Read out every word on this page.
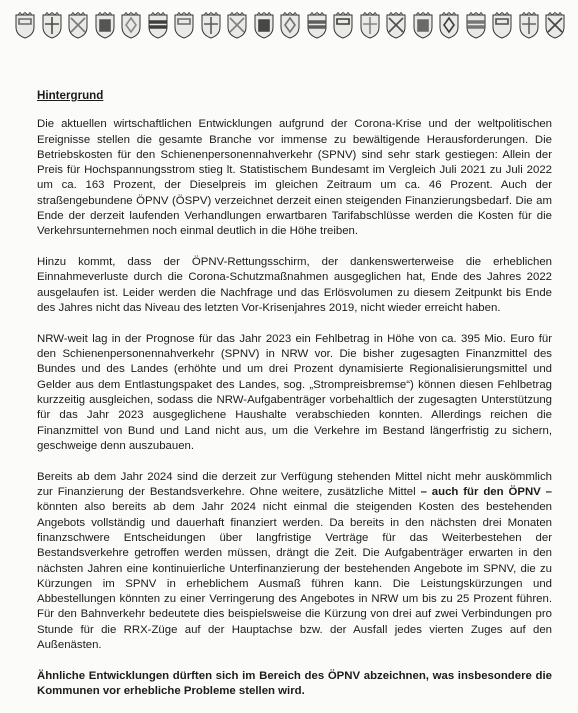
Hintergrund

Die aktuellen wirtschaftlichen Entwicklungen aufgrund der Corona-Krise und der weltpolitischen Ereignisse stellen die gesamte Branche vor immense zu bewältigende Herausforderungen. Die Betriebskosten für den Schienenpersonennahverkehr (SPNV) sind sehr stark gestiegen: Allein der Preis für Hochspannungsstrom stieg lt. Statistischem Bundesamt im Vergleich Juli 2021 zu Juli 2022 um ca. 163 Prozent, der Dieselpreis im gleichen Zeitraum um ca. 46 Prozent. Auch der straßengebundene ÖPNV (ÖSPV) verzeichnet derzeit einen steigenden Finanzierungsbedarf. Die am Ende der derzeit laufenden Verhandlungen erwartbaren Tarifabschlüsse werden die Kosten für die Verkehrsunternehmen noch einmal deutlich in die Höhe treiben.

Hinzu kommt, dass der ÖPNV-Rettungsschirm, der dankenswerterweise die erheblichen Einnahmeverluste durch die Corona-Schutzmaßnahmen ausgeglichen hat, Ende des Jahres 2022 ausgelaufen ist. Leider werden die Nachfrage und das Erlösvolumen zu diesem Zeitpunkt bis Ende des Jahres nicht das Niveau des letzten Vor-Krisenjahres 2019, nicht wieder erreicht haben.

NRW-weit lag in der Prognose für das Jahr 2023 ein Fehlbetrag in Höhe von ca. 395 Mio. Euro für den Schienenpersonennahverkehr (SPNV) in NRW vor. Die bisher zugesagten Finanzmittel des Bundes und des Landes (erhöhte und um drei Prozent dynamisierte Regionalisierungsmittel und Gelder aus dem Entlastungspaket des Landes, sog. „Strompreisbremse“) können diesen Fehlbetrag kurzzeitig ausgleichen, sodass die NRW-Aufgabenträger vorbehaltlich der zugesagten Unterstützung für das Jahr 2023 ausgeglichene Haushalte verabschieden konnten. Allerdings reichen die Finanzmittel von Bund und Land nicht aus, um die Verkehre im Bestand längerfristig zu sichern, geschweige denn auszubauen.

Bereits ab dem Jahr 2024 sind die derzeit zur Verfügung stehenden Mittel nicht mehr auskömmlich zur Finanzierung der Bestandsverkehre. Ohne weitere, zusätzliche Mittel – auch für den ÖPNV – könnten also bereits ab dem Jahr 2024 nicht einmal die steigenden Kosten des bestehenden Angebots vollständig und dauerhaft finanziert werden. Da bereits in den nächsten drei Monaten finanzschwere Entscheidungen über langfristige Verträge für das Weiterbestehen der Bestandsverkehre getroffen werden müssen, drängt die Zeit. Die Aufgabenträger erwarten in den nächsten Jahren eine kontinuierliche Unterfinanzierung der bestehenden Angebote im SPNV, die zu Kürzungen im SPNV in erheblichem Ausmaß führen kann. Die Leistungskürzungen und Abbestellungen könnten zu einer Verringerung des Angebotes in NRW um bis zu 25 Prozent führen. Für den Bahnverkehr bedeutete dies beispielsweise die Kürzung von drei auf zwei Verbindungen pro Stunde für die RRX-Züge auf der Hauptachse bzw. der Ausfall jedes vierten Zuges auf den Außenästen.

Ähnliche Entwicklungen dürften sich im Bereich des ÖPNV abzeichnen, was insbesondere die Kommunen vor erhebliche Probleme stellen wird.
